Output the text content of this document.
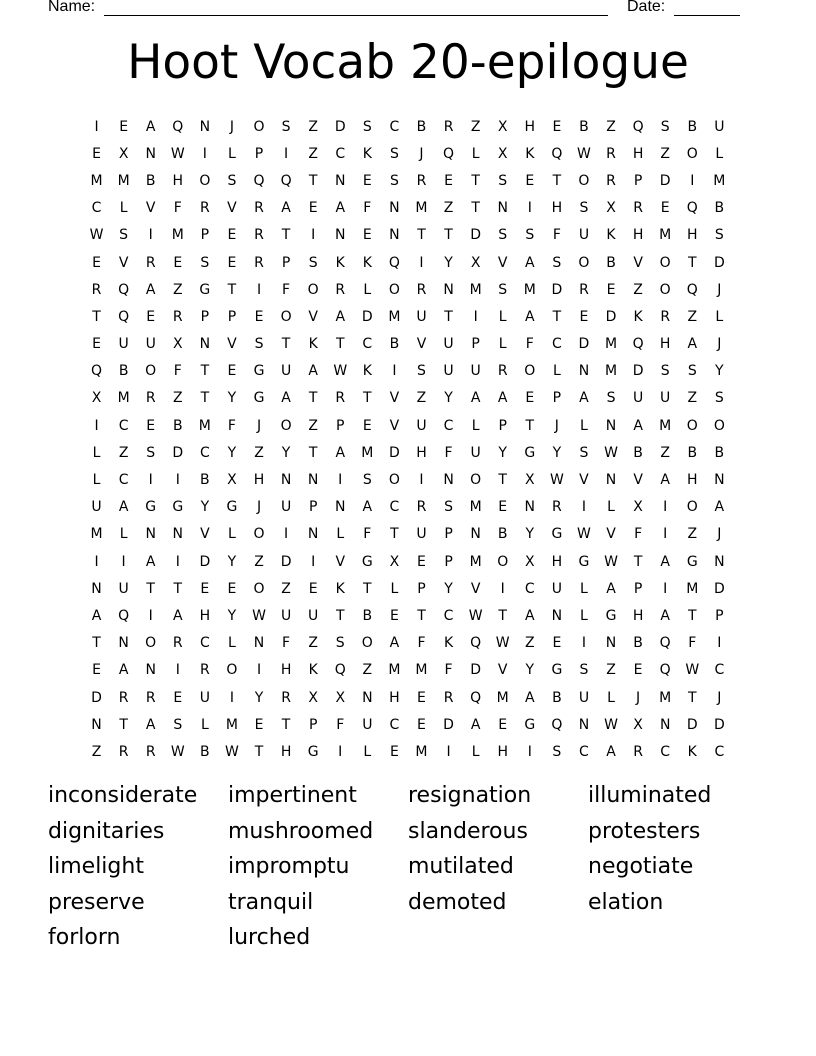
Name:

	Date:

Hoot Vocab 20-epilogue
I	E	A	Q	N	J	O	S	Z	D	S	C	B	R	Z	X	H	E	B	Z	Q	S	B	U
E	X	N	W	I	L	P	I	Z	C	K	S	J	Q	L	X	K	Q	W	R	H	Z	O	L
M	M	B	H	O	S	Q	Q	T	N	E	S	R	E	T	S	E	T	O	R	P	D	I	M
C	L	V	F	R	V	R	A	E	A	F	N	M	Z	T	N	I	H	S	X	R	E	Q	B
W	S	I	M	P	E	R	T	I	N	E	N	T	T	D	S	S	F	U	K	H	M	H	S
E	V	R	E	S	E	R	P	S	K	K	Q	I	Y	X	V	A	S	O	B	V	O	T	D
R	Q	A	Z	G	T	I	F	O	R	L	O	R	N	M	S	M	D	R	E	Z	O	Q	J
T	Q	E	R	P	P	E	O	V	A	D	M	U	T	I	L	A	T	E	D	K	R	Z	L
E	U	U	X	N	V	S	T	K	T	C	B	V	U	P	L	F	C	D	M	Q	H	A	J
Q	B	O	F	T	E	G	U	A	W	K	I	S	U	U	R	O	L	N	M	D	S	S	Y
X	M	R	Z	T	Y	G	A	T	R	T	V	Z	Y	A	A	E	P	A	S	U	U	Z	S
I	C	E	B	M	F	J	O	Z	P	E	V	U	C	L	P	T	J	L	N	A	M	O	O
L	Z	S	D	C	Y	Z	Y	T	A	M	D	H	F	U	Y	G	Y	S	W	B	Z	B	B
L	C	I	I	B	X	H	N	N	I	S	O	I	N	O	T	X	W	V	N	V	A	H	N
U	A	G	G	Y	G	J	U	P	N	A	C	R	S	M	E	N	R	I	L	X	I	O	A
M	L	N	N	V	L	O	I	N	L	F	T	U	P	N	B	Y	G	W	V	F	I	Z	J
I	I	A	I	D	Y	Z	D	I	V	G	X	E	P	M	O	X	H	G	W	T	A	G	N
N	U	T	T	E	E	O	Z	E	K	T	L	P	Y	V	I	C	U	L	A	P	I	M	D
A	Q	I	A	H	Y	W	U	U	T	B	E	T	C	W	T	A	N	L	G	H	A	T	P
T	N	O	R	C	L	N	F	Z	S	O	A	F	K	Q	W	Z	E	I	N	B	Q	F	I
E	A	N	I	R	O	I	H	K	Q	Z	M	M	F	D	V	Y	G	S	Z	E	Q	W	C
D	R	R	E	U	I	Y	R	X	X	N	H	E	R	Q	M	A	B	U	L	J	M	T	J
N	T	A	S	L	M	E	T	P	F	U	C	E	D	A	E	G	Q	N	W	X	N	D	D
Z	R	R	W	B	W	T	H	G	I	L	E	M	I	L	H	I	S	C	A	R	C	K	C
inconsiderate	impertinent	resignation	illuminated
dignitaries	mushroomed	slanderous	protesters
limelight	impromptu	mutilated	negotiate
preserve	tranquil	demoted	elation
forlorn	lurched
